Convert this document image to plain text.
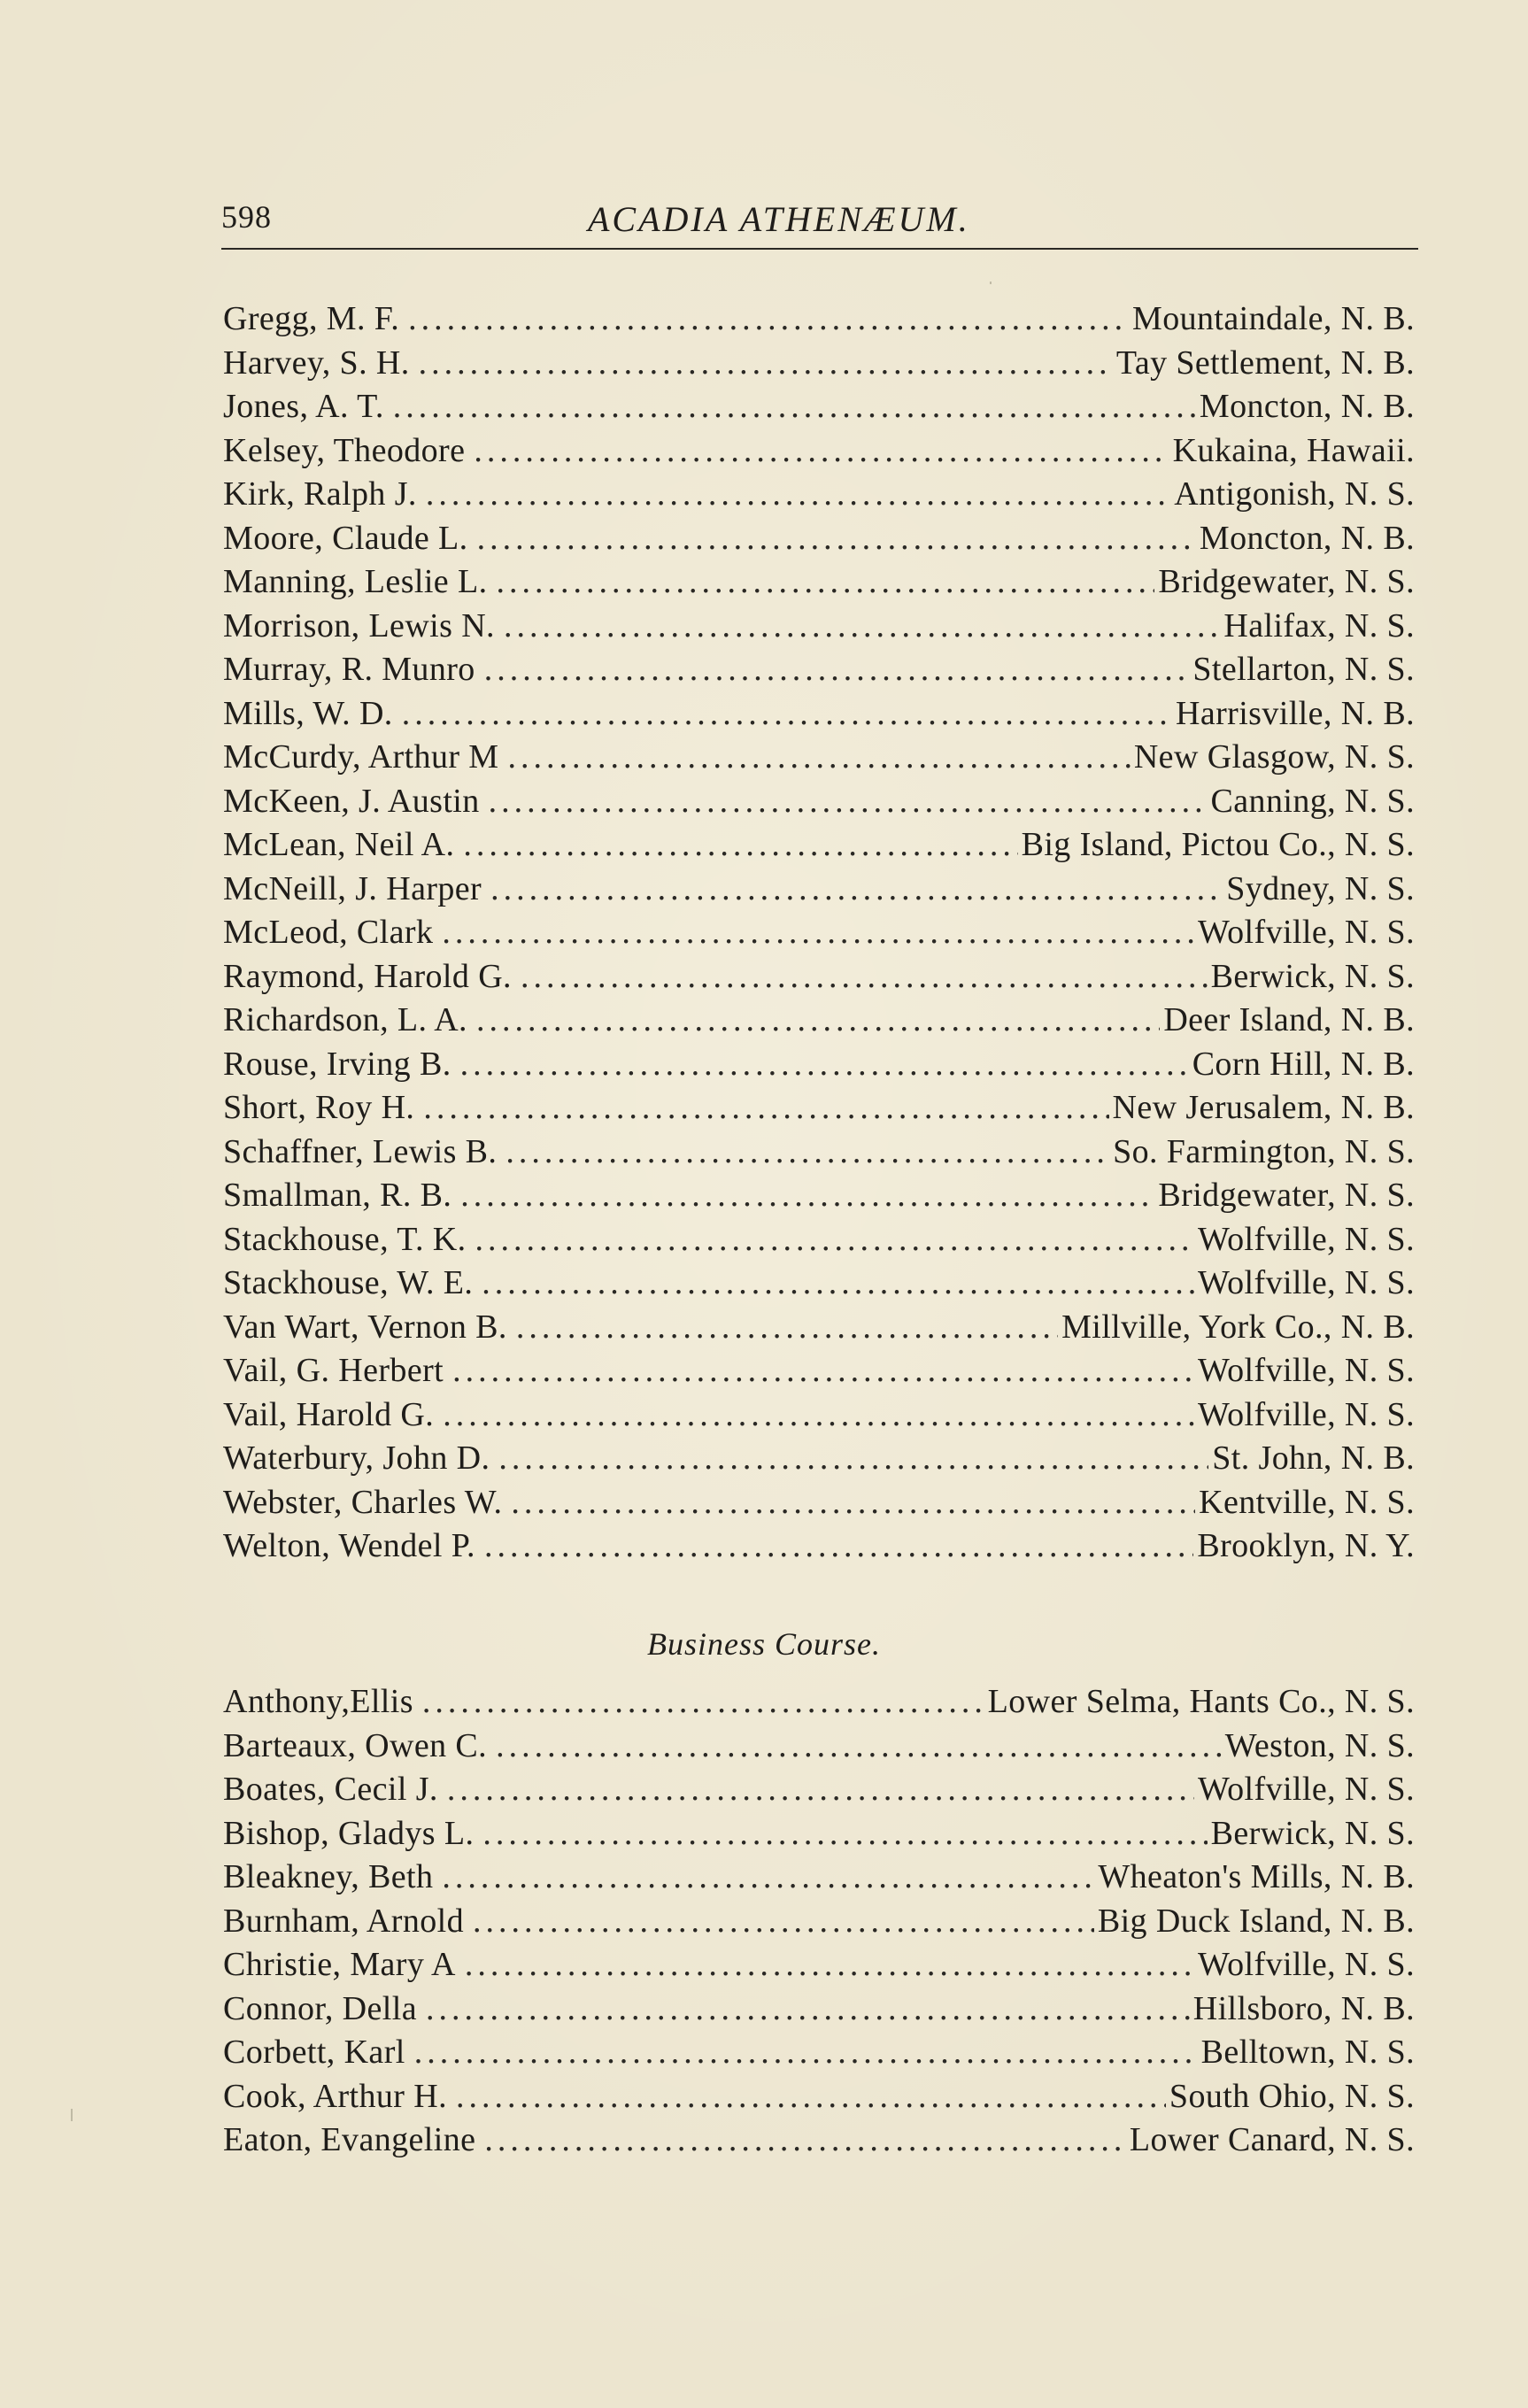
598	ACADIA ATHENÆUM.
Gregg, M. F. .....	Mountaindale, N. B.
Harvey, S. H. .....	Tay Settlement, N. B.
Jones, A. T. .....	Moncton, N. B.
Kelsey, Theodore .....	Kukaina, Hawaii.
Kirk, Ralph J. .....	Antigonish, N. S.
Moore, Claude L. .....	Moncton, N. B.
Manning, Leslie L. .....	Bridgewater, N. S.
Morrison, Lewis N. .....	Halifax, N. S.
Murray, R. Munro .....	Stellarton, N. S.
Mills, W. D. .....	Harrisville, N. B.
McCurdy, Arthur M .....	New Glasgow, N. S.
McKeen, J. Austin .....	Canning, N. S.
McLean, Neil A. .....	Big Island, Pictou Co., N. S.
McNeill, J. Harper .....	Sydney, N. S.
McLeod, Clark .....	Wolfville, N. S.
Raymond, Harold G. .....	Berwick, N. S.
Richardson, L. A. .....	Deer Island, N. B.
Rouse, Irving B. .....	Corn Hill, N. B.
Short, Roy H. .....	New Jerusalem, N. B.
Schaffner, Lewis B. .....	So. Farmington, N. S.
Smallman, R. B. .....	Bridgewater, N. S.
Stackhouse, T. K. .....	Wolfville, N. S.
Stackhouse, W. E. .....	Wolfville, N. S.
Van Wart, Vernon B. .....	Millville, York Co., N. B.
Vail, G. Herbert .....	Wolfville, N. S.
Vail, Harold G. .....	Wolfville, N. S.
Waterbury, John D. .....	St. John, N. B.
Webster, Charles W. .....	Kentville, N. S.
Welton, Wendel P. .....	Brooklyn, N. Y.
Business Course.
Anthony,Ellis .....	Lower Selma, Hants Co., N. S.
Barteaux, Owen C. .....	Weston, N. S.
Boates, Cecil J. .....	Wolfville, N. S.
Bishop, Gladys L. .....	Berwick, N. S.
Bleakney, Beth .....	Wheaton's Mills, N. B.
Burnham, Arnold .....	Big Duck Island, N. B.
Christie, Mary A .....	Wolfville, N. S.
Connor, Della .....	Hillsboro, N. B.
Corbett, Karl .....	Belltown, N. S.
Cook, Arthur H. .....	South Ohio, N. S.
Eaton, Evangeline .....	Lower Canard, N. S.
